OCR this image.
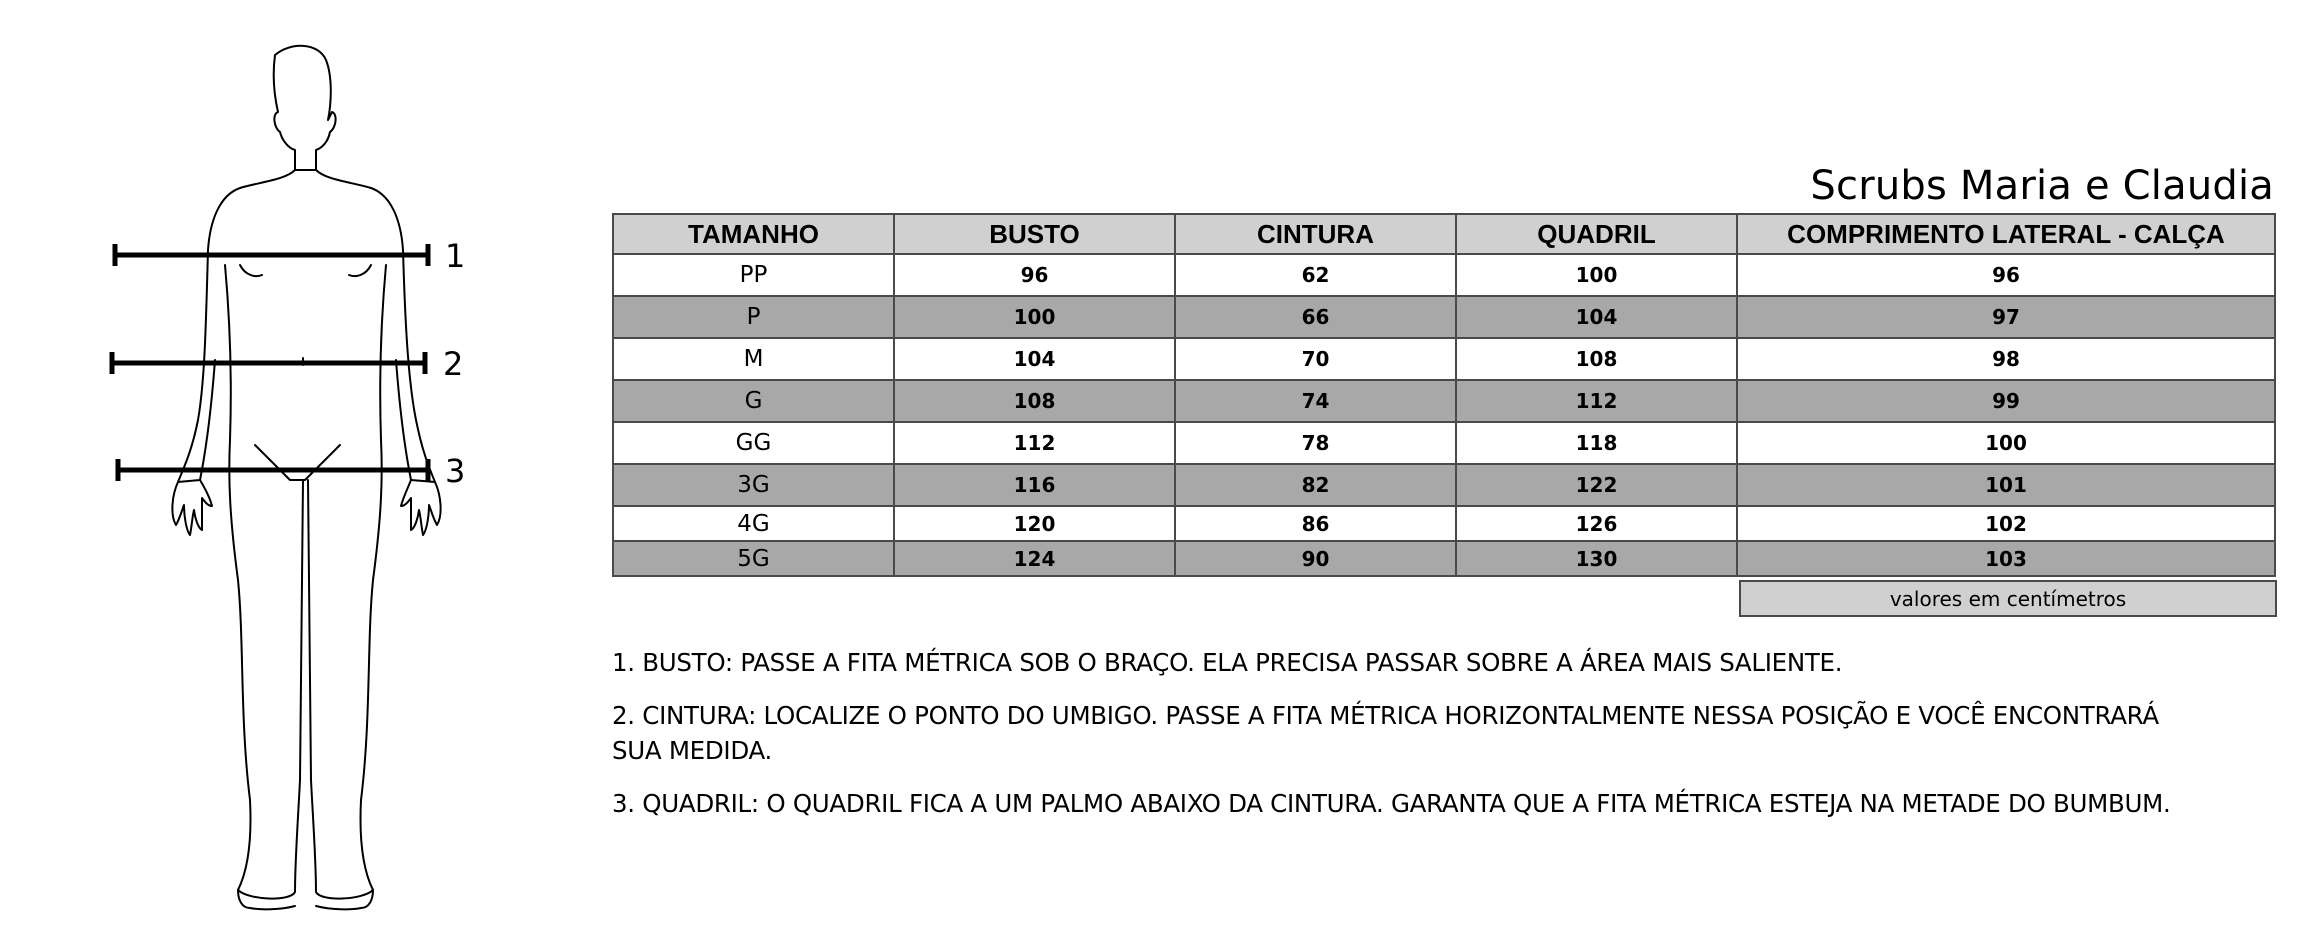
1
2
3
Scrubs Maria e Claudia
TAMANHO	BUSTO	CINTURA	QUADRIL	COMPRIMENTO LATERAL - CALÇA
PP	96	62	100	96
P	100	66	104	97
M	104	70	108	98
G	108	74	112	99
GG	112	78	118	100
3G	116	82	122	101
4G	120	86	126	102
5G	124	90	130	103
valores em centímetros

1. BUSTO: PASSE A FITA MÉTRICA SOB O BRAÇO. ELA PRECISA PASSAR SOBRE A ÁREA MAIS SALIENTE.

2. CINTURA: LOCALIZE O PONTO DO UMBIGO. PASSE A FITA MÉTRICA HORIZONTALMENTE NESSA POSIÇÃO E VOCÊ ENCONTRARÁ SUA MEDIDA.

3. QUADRIL: O QUADRIL FICA A UM PALMO ABAIXO DA CINTURA. GARANTA QUE A FITA MÉTRICA ESTEJA NA METADE DO BUMBUM.
